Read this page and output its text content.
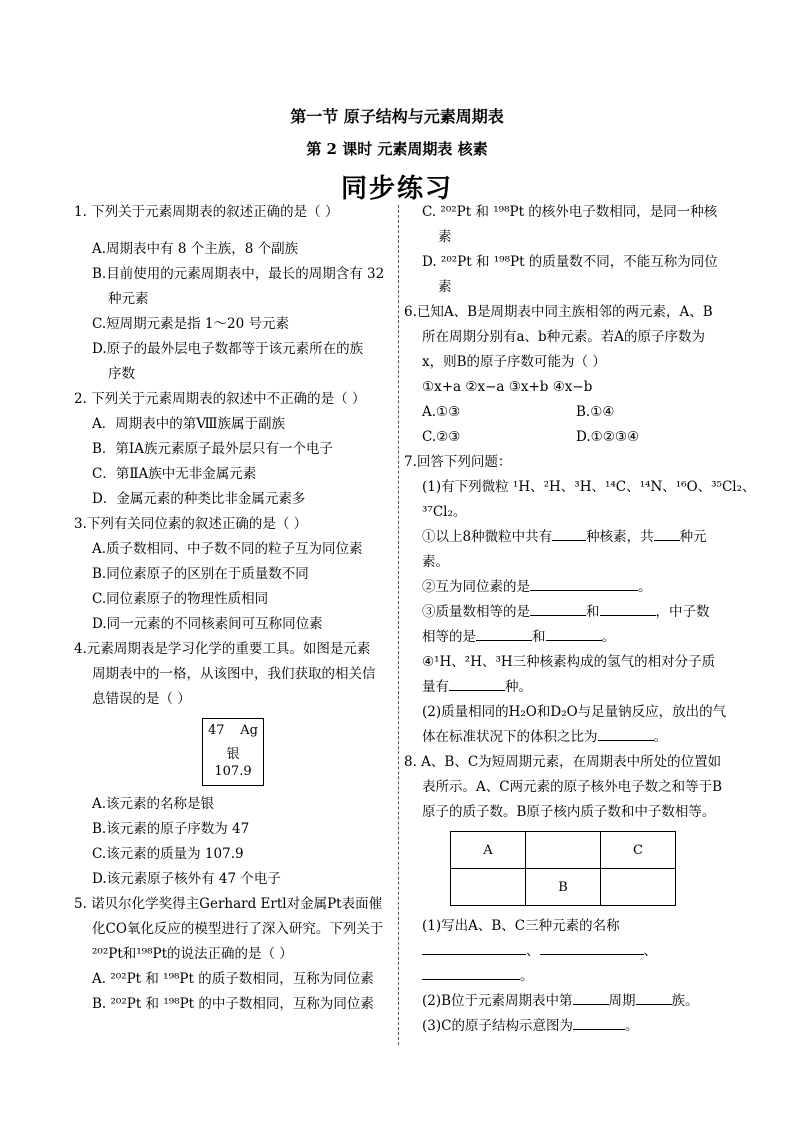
第一节 原子结构与元素周期表
第 2 课时 元素周期表 核素
同步练习
1. 下列关于元素周期表的叙述正确的是（ ）
A.周期表中有 8 个主族，8 个副族
B.目前使用的元素周期表中，最长的周期含有 32
种元素
C.短周期元素是指 1～20 号元素
D.原子的最外层电子数都等于该元素所在的族
序数
2. 下列关于元素周期表的叙述中不正确的是（ ）
A．周期表中的第Ⅷ族属于副族
B．第ⅠA族元素原子最外层只有一个电子
C．第ⅡA族中无非金属元素
D．金属元素的种类比非金属元素多
3.下列有关同位素的叙述正确的是（ ）
A.质子数相同、中子数不同的粒子互为同位素
B.同位素原子的区别在于质量数不同
C.同位素原子的物理性质相同
D.同一元素的不同核素间可互称同位素
4.元素周期表是学习化学的重要工具。如图是元素
周期表中的一格，从该图中，我们获取的相关信
息错误的是（ ）
47 Ag
银
107.9
A.该元素的名称是银
B.该元素的原子序数为 47
C.该元素的质量为 107.9
D.该元素原子核外有 47 个电子
5. 诺贝尔化学奖得主Gerhard Ertl对金属Pt表面催
化CO氧化反应的模型进行了深入研究。下列关于
²⁰²Pt和¹⁹⁸Pt的说法正确的是（ ）
A. ²⁰²Pt 和 ¹⁹⁸Pt 的质子数相同，互称为同位素
B. ²⁰²Pt 和 ¹⁹⁸Pt 的中子数相同，互称为同位素
C. ²⁰²Pt 和 ¹⁹⁸Pt 的核外电子数相同，是同一种核
素
D. ²⁰²Pt 和 ¹⁹⁸Pt 的质量数不同，不能互称为同位
素
6.已知A、B是周期表中同主族相邻的两元素，A、B
所在周期分别有a、b种元素。若A的原子序数为
x，则B的原子序数可能为（ ）
①x+a ②x−a ③x+b ④x−b
A.①③	B.①④
C.②③	D.①②③④
7.回答下列问题：
(1)有下列微粒 ¹H、²H、³H、¹⁴C、¹⁴N、¹⁶O、³⁵Cl₂、
³⁷Cl₂。
①以上8种微粒中共有	种核素，共 种元
素。
②互为同位素的是	。
③质量数相等的是	和	，中子数
相等的是	和	。
④¹H、²H、³H三种核素构成的氢气的相对分子质
量有	种。
(2)质量相同的H₂O和D₂O与足量钠反应，放出的气
体在标准状况下的体积之比为	。
8. A、B、C为短周期元素，在周期表中所处的位置如
表所示。A、C两元素的原子核外电子数之和等于B
原子的质子数。B原子核内质子数和中子数相等。
A		C
	B	
(1)写出A、B、C三种元素的名称
、	、
。
(2)B位于元素周期表中第	周期	族。
(3)C的原子结构示意图为	。
